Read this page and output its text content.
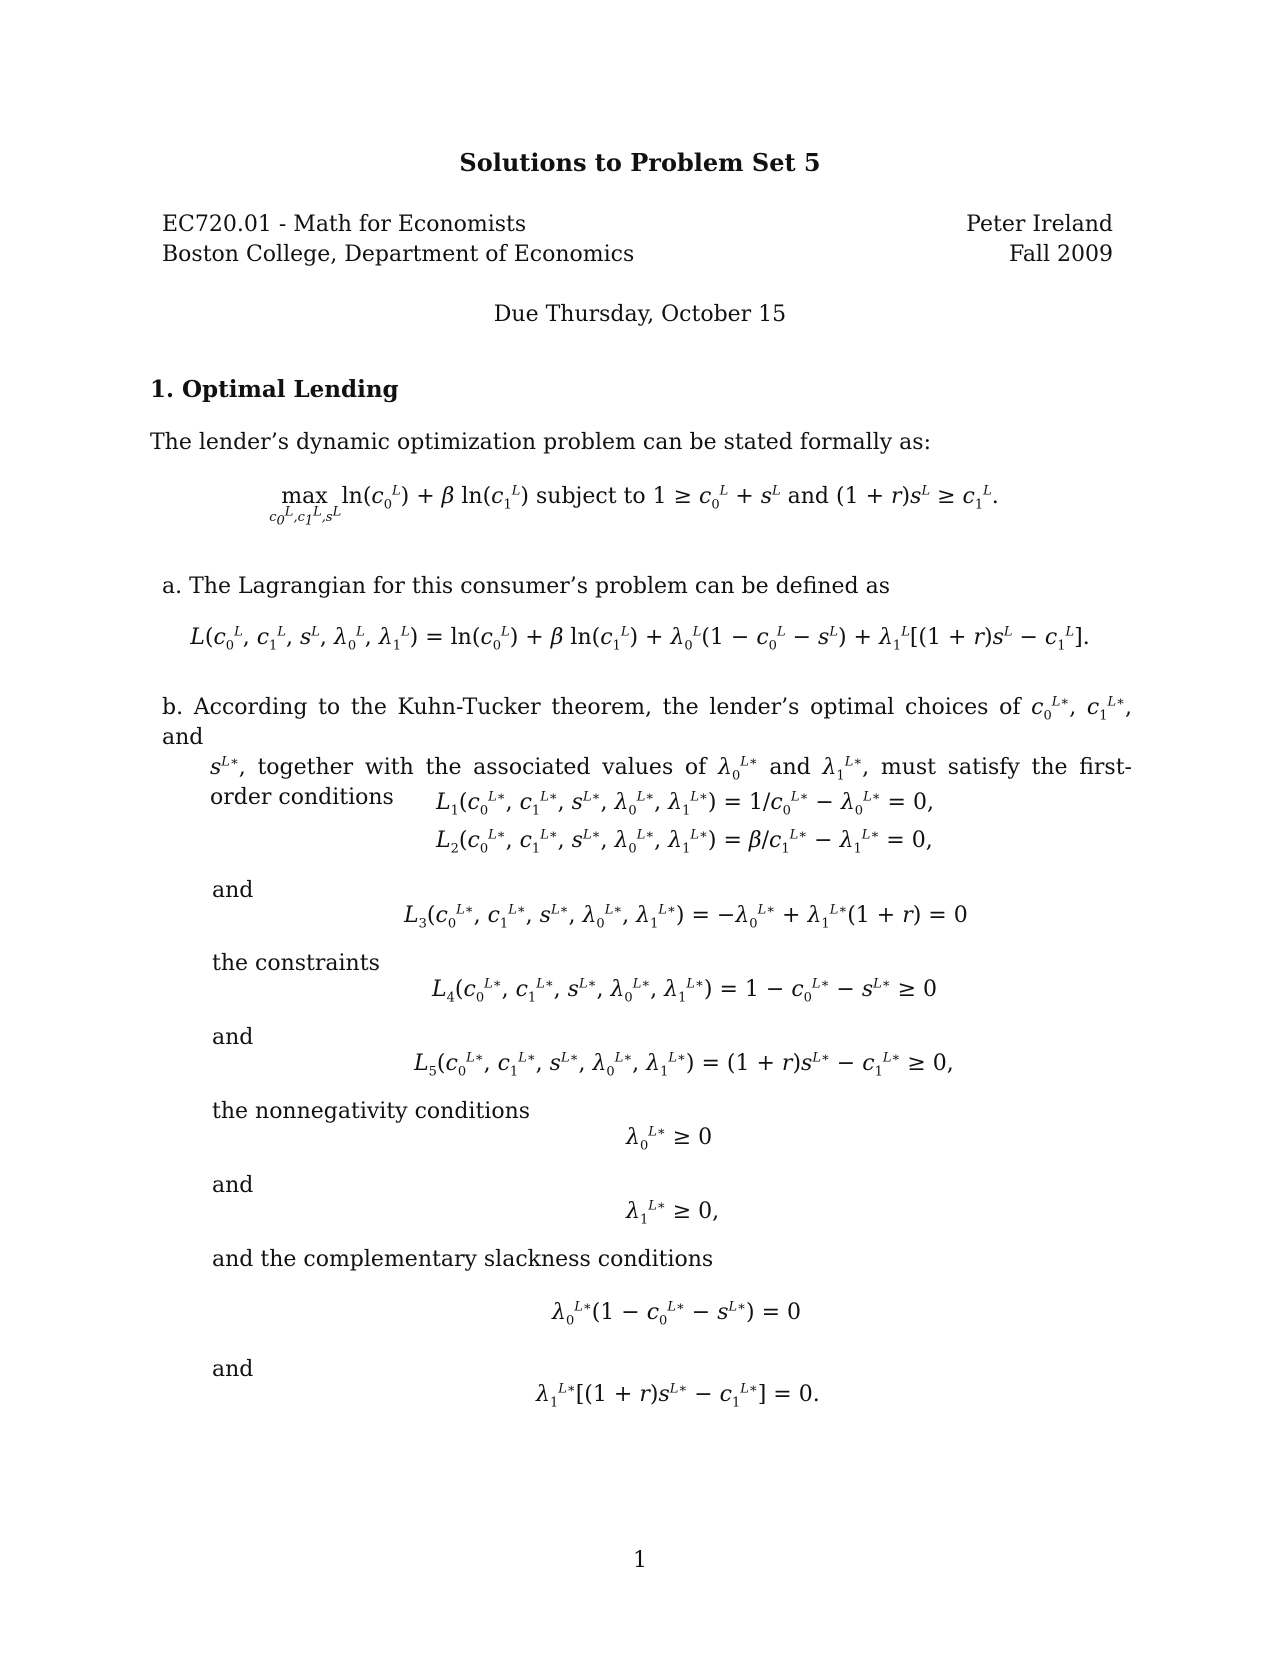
Solutions to Problem Set 5
EC720.01 - Math for Economists
Boston College, Department of Economics
Peter Ireland
Fall 2009
Due Thursday, October 15
1. Optimal Lending
The lender’s dynamic optimization problem can be stated formally as:
max
$c_0^L,c_1^L,s^L$
$\ln(c_0^L) + \beta$ $\ln(c_1^L)$ subject to $1 \ge c_0^L + s^L$ and $(1 + r)s^L \ge c_1^L$.
a. The Lagrangian for this consumer’s problem can be defined as
$L(c_0^L$, $c_1^L$, $s^L$, $\lambda_0^L$, $\lambda_1^L) = \ln(c_0^L) + \beta$ $\ln(c_1^L) + \lambda_0^L(1 - c_0^L - s^L) + \lambda_1^L[(1 + r)s^L - c_1^L]$.
b. According to the Kuhn-Tucker theorem, the lender’s optimal choices of $c_0^{L∗}$, $c_1^{L∗}$, and
$s^{L∗}$, together with the associated values of $\lambda_0^{L∗}$ and $\lambda_1^{L∗}$, must satisfy the first-order conditions	$L_1(c_0^{L∗}$, $c_1^{L∗}$, $s^{L∗}$, $\lambda_0^{L∗}$, $\lambda_1^{L∗}) = 1/c_0^{L∗} - \lambda_0^{L∗} = 0$,
$L_2(c_0^{L∗}$, $c_1^{L∗}$, $s^{L∗}$, $\lambda_0^{L∗}$, $\lambda_1^{L∗}) = \beta/c_1^{L∗} - \lambda_1^{L∗} = 0$,
and
$L_3(c_0^{L∗}$, $c_1^{L∗}$, $s^{L∗}$, $\lambda_0^{L∗}$, $\lambda_1^{L∗}) = -\lambda_0^{L∗} + \lambda_1^{L∗}(1 + r) = 0$
the constraints
$L_4(c_0^{L∗}$, $c_1^{L∗}$, $s^{L∗}$, $\lambda_0^{L∗}$, $\lambda_1^{L∗}) = 1 - c_0^{L∗} - s^{L∗} \ge 0$
and
$L_5(c_0^{L∗}$, $c_1^{L∗}$, $s^{L∗}$, $\lambda_0^{L∗}$, $\lambda_1^{L∗}) = (1 + r)s^{L∗} - c_1^{L∗} \ge 0$,
the nonnegativity conditions
$\lambda_0^{L∗} \ge 0$
and
$\lambda_1^{L∗} \ge 0$,
and the complementary slackness conditions
$\lambda_0^{L∗}(1 - c_0^{L∗} - s^{L∗}) = 0$
and
$\lambda_1^{L∗}[(1 + r)s^{L∗} - c_1^{L∗}] = 0$.
1
